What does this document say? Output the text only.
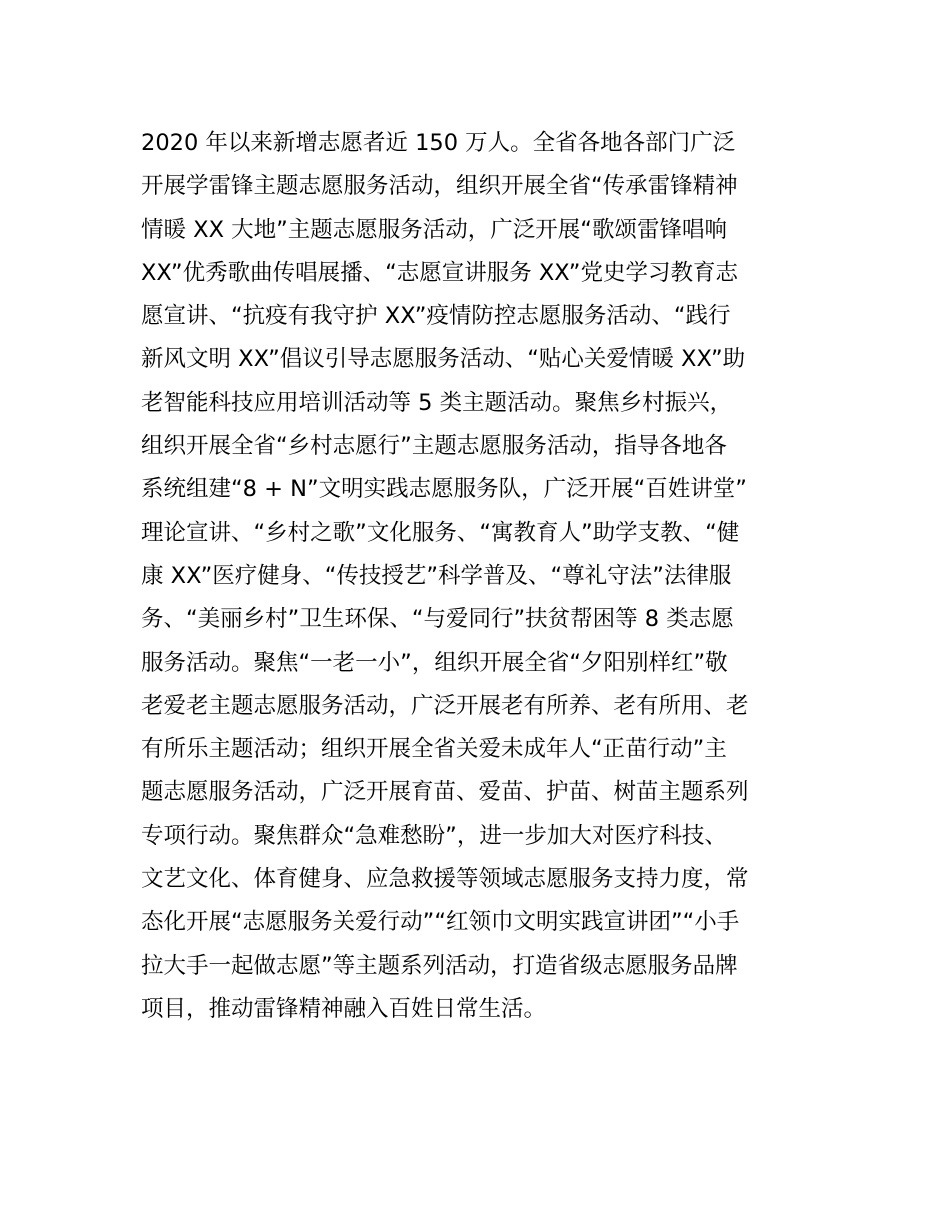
2020 年以来新增志愿者近 150 万人。全省各地各部门广泛
开展学雷锋主题志愿服务活动，组织开展全省“传承雷锋精神
情暖 XX 大地”主题志愿服务活动，广泛开展“歌颂雷锋唱响
XX”优秀歌曲传唱展播、“志愿宣讲服务 XX”党史学习教育志
愿宣讲、“抗疫有我守护 XX”疫情防控志愿服务活动、“践行
新风文明 XX”倡议引导志愿服务活动、“贴心关爱情暖 XX”助
老智能科技应用培训活动等 5 类主题活动。聚焦乡村振兴，
组织开展全省“乡村志愿行”主题志愿服务活动，指导各地各
系统组建“8 + N”文明实践志愿服务队，广泛开展“百姓讲堂”
理论宣讲、“乡村之歌”文化服务、“寓教育人”助学支教、“健
康 XX”医疗健身、“传技授艺”科学普及、“尊礼守法”法律服
务、“美丽乡村”卫生环保、“与爱同行”扶贫帮困等 8 类志愿
服务活动。聚焦“一老一小”，组织开展全省“夕阳别样红”敬
老爱老主题志愿服务活动，广泛开展老有所养、老有所用、老
有所乐主题活动；组织开展全省关爱未成年人“正苗行动”主
题志愿服务活动，广泛开展育苗、爱苗、护苗、树苗主题系列
专项行动。聚焦群众“急难愁盼”，进一步加大对医疗科技、
文艺文化、体育健身、应急救援等领域志愿服务支持力度，常
态化开展“志愿服务关爱行动”“红领巾文明实践宣讲团”“小手
拉大手一起做志愿”等主题系列活动，打造省级志愿服务品牌
项目，推动雷锋精神融入百姓日常生活。
